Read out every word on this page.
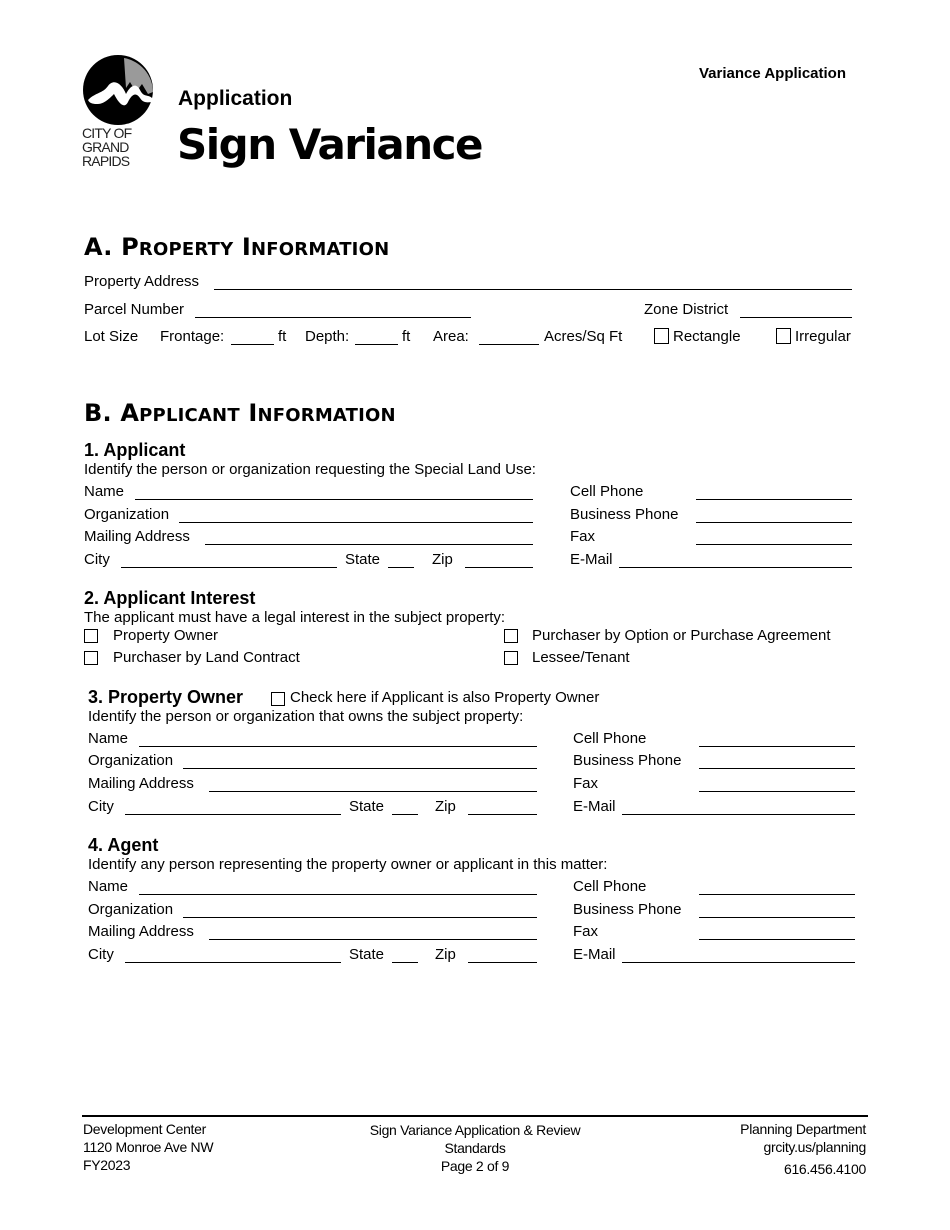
CITY OF
GRAND
RAPIDS
Variance Application
Application
Sign Variance
A. PROPERTY INFORMATION
Property Address
Parcel Number	Zone District
Lot Size Frontage:	ft Depth:	ft Area:	Acres/Sq Ft	Rectangle	Irregular
B. APPLICANT INFORMATION
1. Applicant
Identify the person or organization requesting the Special Land Use:
Name	Cell Phone
Organization	Business Phone
Mailing Address	Fax
City	State	Zip	E-Mail
2. Applicant Interest
The applicant must have a legal interest in the subject property:
Property Owner	Purchaser by Option or Purchase Agreement
Purchaser by Land Contract	Lessee/Tenant
3. Property Owner	Check here if Applicant is also Property Owner
Identify the person or organization that owns the subject property:
Name	Cell Phone
Organization	Business Phone
Mailing Address	Fax
City	State	Zip	E-Mail
4. Agent
Identify any person representing the property owner or applicant in this matter:
Name	Cell Phone
Organization	Business Phone
Mailing Address	Fax
City	State	Zip	E-Mail
Development Center
1120 Monroe Ave NW
FY2023
Sign Variance Application & Review
Standards
Page 2 of 9
Planning Department
grcity.us/planning
616.456.4100
